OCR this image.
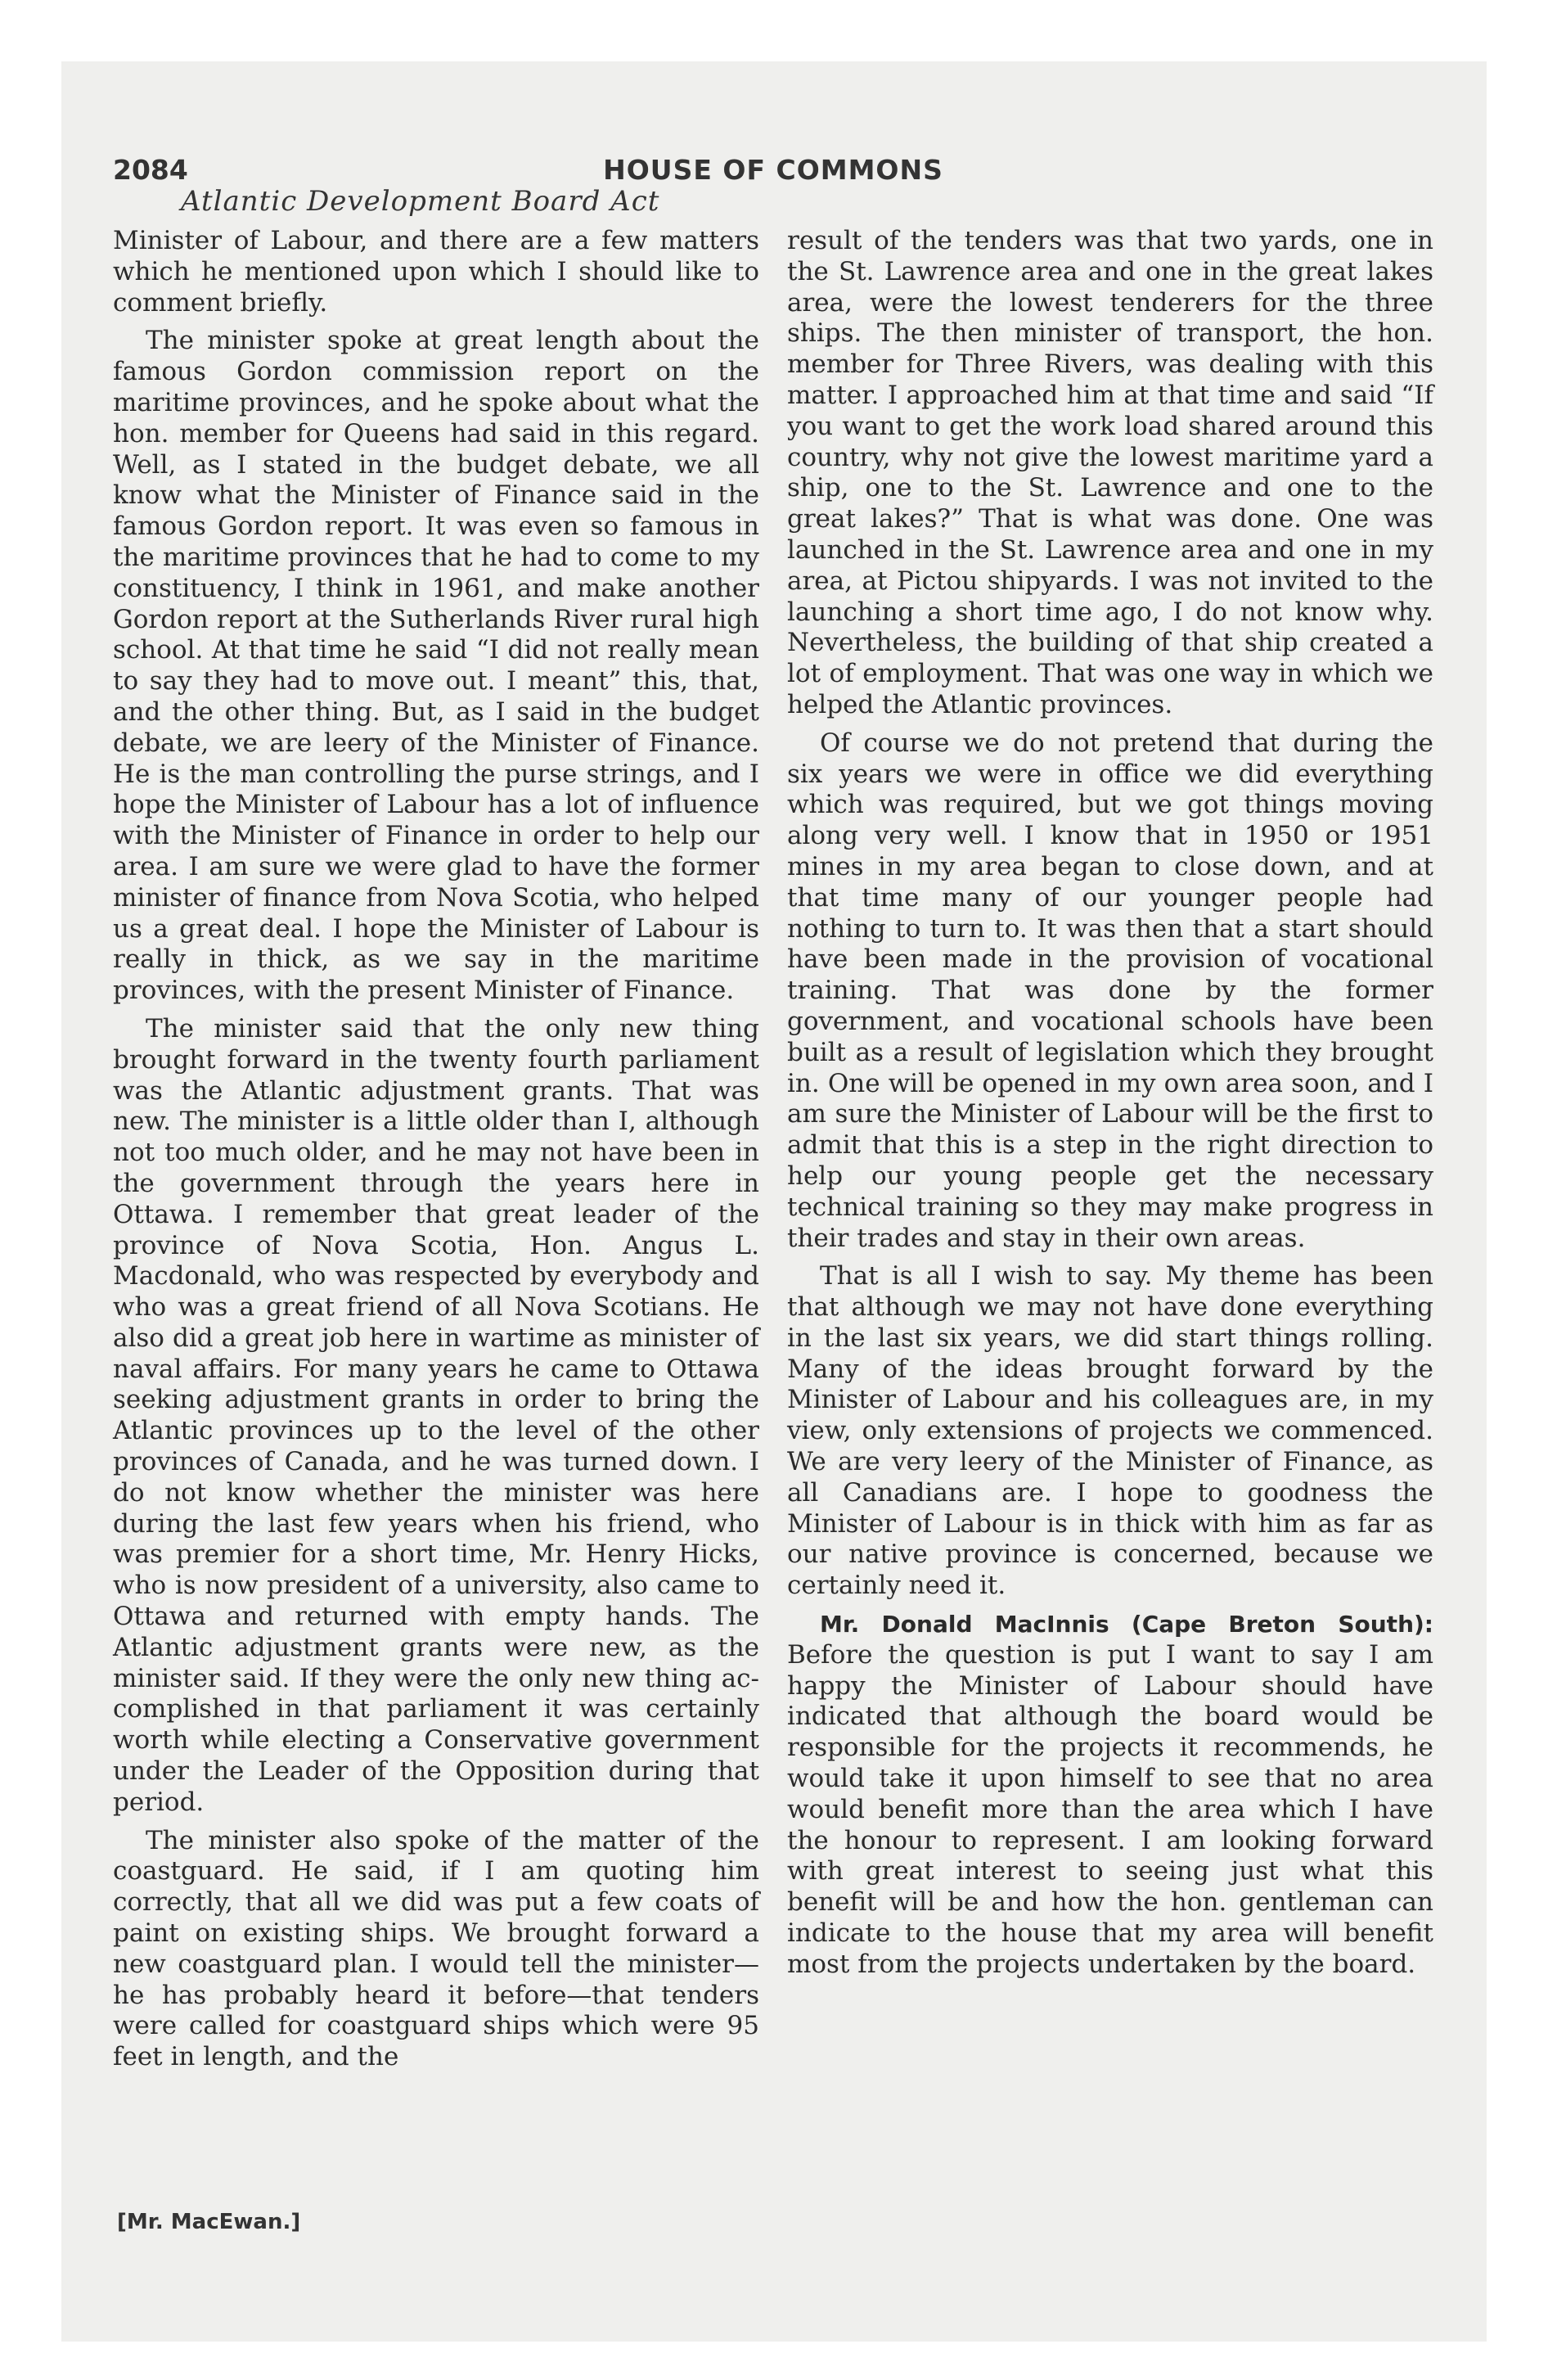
2084	HOUSE OF COMMONS
Atlantic Development Board Act

Minister of Labour, and there are a few matters which he mentioned upon which I should like to comment briefly.

The minister spoke at great length about the famous Gordon commission report on the maritime provinces, and he spoke about what the hon. member for Queens had said in this regard. Well, as I stated in the budget debate, we all know what the Minister of Finance said in the famous Gordon report. It was even so famous in the maritime provinces that he had to come to my constituency, I think in 1961, and make another Gordon report at the Sutherlands River rural high school. At that time he said “I did not really mean to say they had to move out. I meant” this, that, and the other thing. But, as I said in the budget debate, we are leery of the Minister of Finance. He is the man controlling the purse strings, and I hope the Minister of Labour has a lot of influence with the Minister of Finance in order to help our area. I am sure we were glad to have the former minister of finance from Nova Scotia, who helped us a great deal. I hope the Minister of Labour is really in thick, as we say in the maritime provinces, with the present Minister of Finance.

The minister said that the only new thing brought forward in the twenty fourth parliament was the Atlantic adjustment grants. That was new. The minister is a little older than I, although not too much older, and he may not have been in the government through the years here in Ottawa. I remember that great leader of the province of Nova Scotia, Hon. Angus L. Macdonald, who was respected by everybody and who was a great friend of all Nova Scotians. He also did a great job here in wartime as minister of naval affairs. For many years he came to Ottawa seeking adjustment grants in order to bring the Atlantic provinces up to the level of the other provinces of Canada, and he was turned down. I do not know whether the minister was here during the last few years when his friend, who was premier for a short time, Mr. Henry Hicks, who is now president of a university, also came to Ottawa and returned with empty hands. The Atlantic adjustment grants were new, as the minister said. If they were the only new thing accomplished in that parliament it was certainly worth while electing a Conservative government under the Leader of the Opposition during that period.

The minister also spoke of the matter of the coastguard. He said, if I am quoting him correctly, that all we did was put a few coats of paint on existing ships. We brought forward a new coastguard plan. I would tell the minister—he has probably heard it before—that tenders were called for coastguard ships which were 95 feet in length, and the

result of the tenders was that two yards, one in the St. Lawrence area and one in the great lakes area, were the lowest tenderers for the three ships. The then minister of transport, the hon. member for Three Rivers, was dealing with this matter. I approached him at that time and said “If you want to get the work load shared around this country, why not give the lowest maritime yard a ship, one to the St. Lawrence and one to the great lakes?” That is what was done. One was launched in the St. Lawrence area and one in my area, at Pictou shipyards. I was not invited to the launching a short time ago, I do not know why. Nevertheless, the building of that ship created a lot of employment. That was one way in which we helped the Atlantic provinces.

Of course we do not pretend that during the six years we were in office we did everything which was required, but we got things moving along very well. I know that in 1950 or 1951 mines in my area began to close down, and at that time many of our younger people had nothing to turn to. It was then that a start should have been made in the provision of vocational training. That was done by the former government, and vocational schools have been built as a result of legislation which they brought in. One will be opened in my own area soon, and I am sure the Minister of Labour will be the first to admit that this is a step in the right direction to help our young people get the necessary technical training so they may make progress in their trades and stay in their own areas.

That is all I wish to say. My theme has been that although we may not have done everything in the last six years, we did start things rolling. Many of the ideas brought forward by the Minister of Labour and his colleagues are, in my view, only extensions of projects we commenced. We are very leery of the Minister of Finance, as all Canadians are. I hope to goodness the Minister of Labour is in thick with him as far as our native province is concerned, because we certainly need it.

Mr. Donald MacInnis (Cape Breton South): Before the question is put I want to say I am happy the Minister of Labour should have indicated that although the board would be responsible for the projects it recommends, he would take it upon himself to see that no area would benefit more than the area which I have the honour to represent. I am looking forward with great interest to seeing just what this benefit will be and how the hon. gentleman can indicate to the house that my area will benefit most from the projects undertaken by the board.

[Mr. MacEwan.]
